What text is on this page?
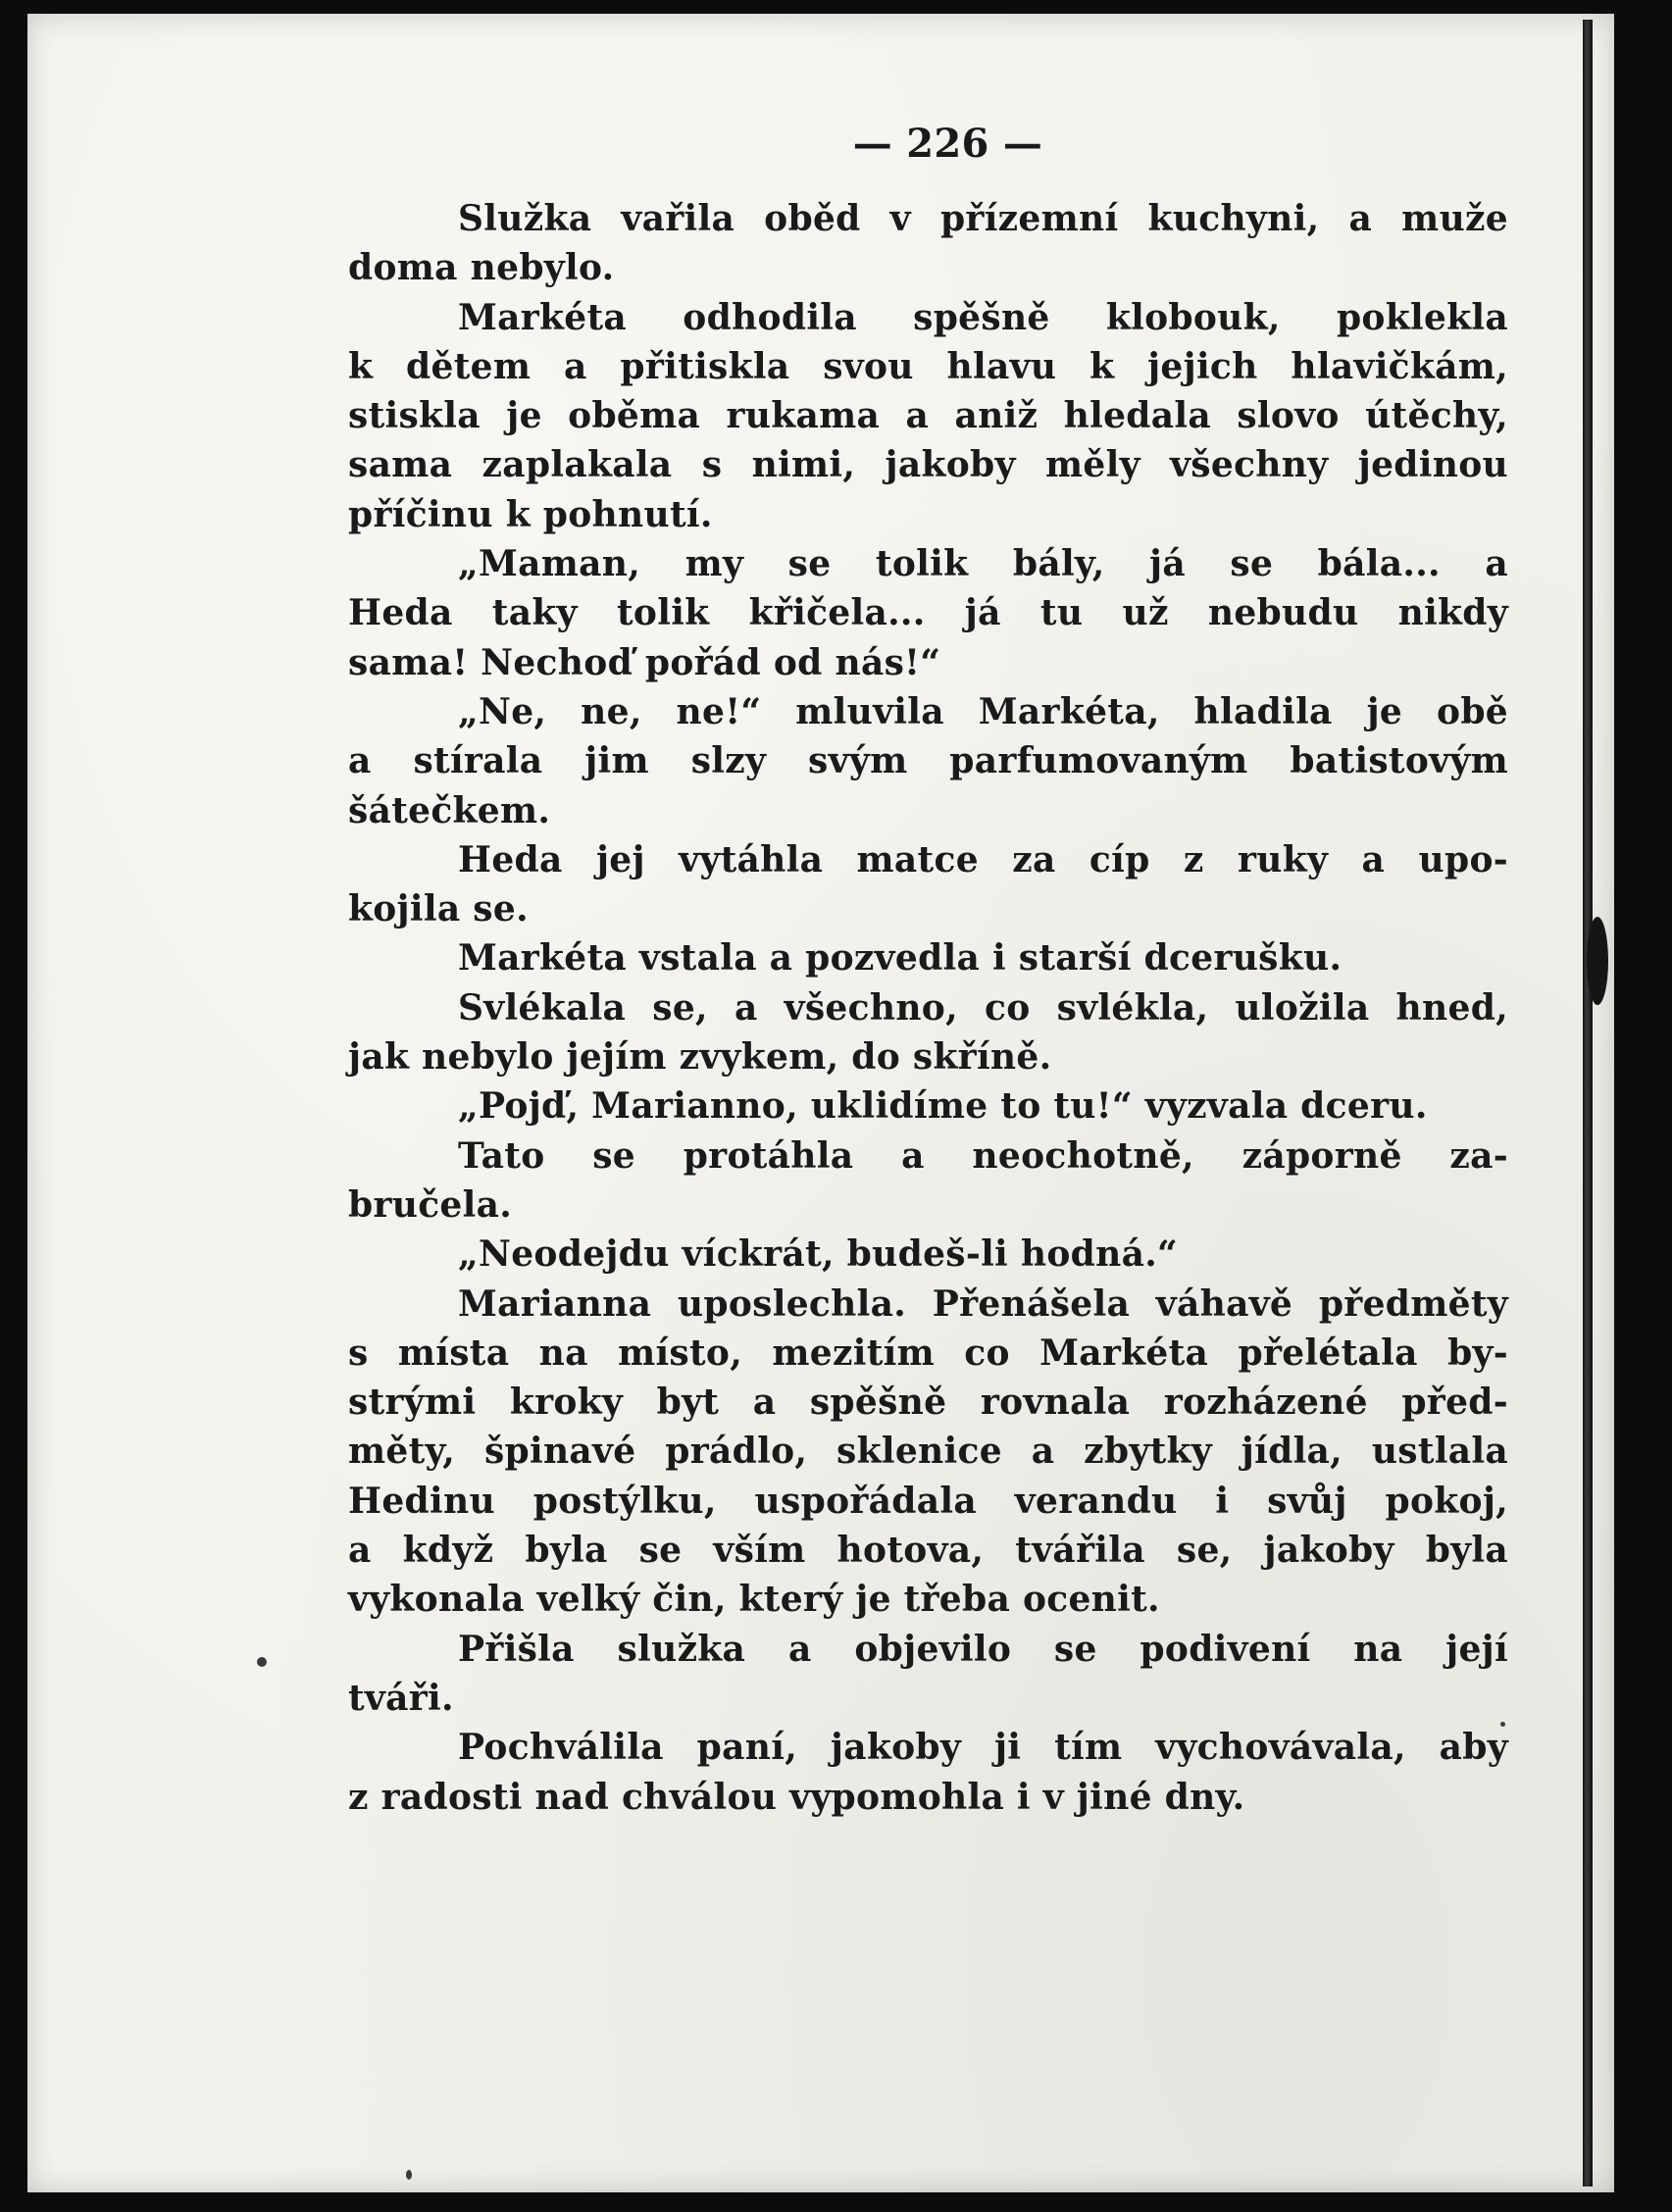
— 226 —
Služka vařila oběd v přízemní kuchyni, a muže
doma nebylo.
Markéta odhodila spěšně klobouk, poklekla
k dětem a přitiskla svou hlavu k jejich hlavičkám,
stiskla je oběma rukama a aniž hledala slovo útěchy,
sama zaplakala s nimi, jakoby měly všechny jedinou
příčinu k pohnutí.
„Maman, my se tolik bály, já se bála... a
Heda taky tolik křičela... já tu už nebudu nikdy
sama! Nechoď pořád od nás!“
„Ne, ne, ne!“ mluvila Markéta, hladila je obě
a stírala jim slzy svým parfumovaným batistovým
šátečkem.
Heda jej vytáhla matce za cíp z ruky a upo-
kojila se.
Markéta vstala a pozvedla i starší dcerušku.
Svlékala se, a všechno, co svlékla, uložila hned,
jak nebylo jejím zvykem, do skříně.
„Pojď, Marianno, uklidíme to tu!“ vyzvala dceru.
Tato se protáhla a neochotně, záporně za-
bručela.
„Neodejdu víckrát, budeš-li hodná.“
Marianna uposlechla. Přenášela váhavě předměty
s místa na místo, mezitím co Markéta přelétala by-
strými kroky byt a spěšně rovnala rozházené před-
měty, špinavé prádlo, sklenice a zbytky jídla, ustlala
Hedinu postýlku, uspořádala verandu i svůj pokoj,
a když byla se vším hotova, tvářila se, jakoby byla
vykonala velký čin, který je třeba ocenit.
Přišla služka a objevilo se podivení na její
tváři.
Pochválila paní, jakoby ji tím vychovávala, aby
z radosti nad chválou vypomohla i v jiné dny.
